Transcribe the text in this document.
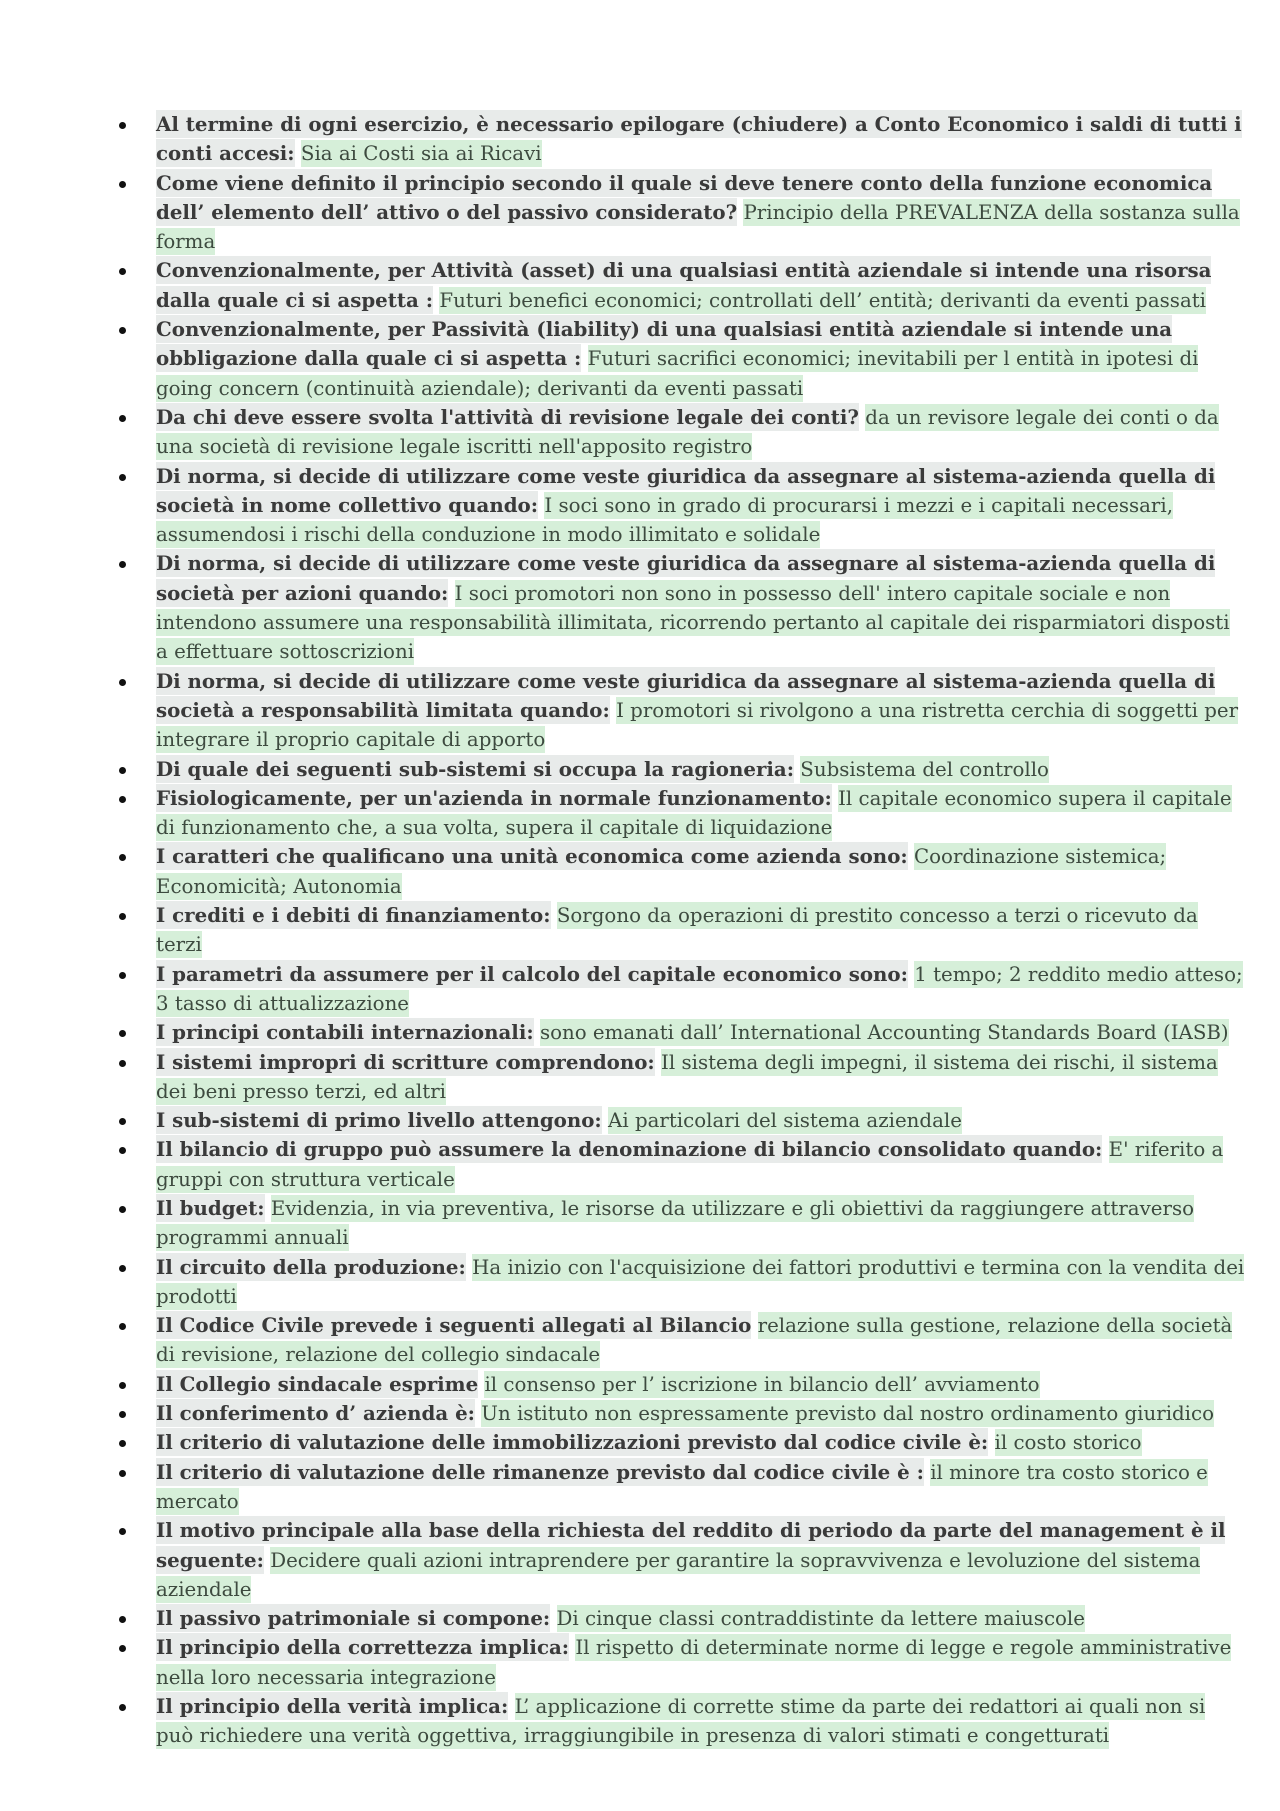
Al termine di ogni esercizio, è necessario epilogare (chiudere) a Conto Economico i saldi di tutti i conti accesi: Sia ai Costi sia ai Ricavi
Come viene definito il principio secondo il quale si deve tenere conto della funzione economica dell’ elemento dell’ attivo o del passivo considerato? Principio della PREVALENZA della sostanza sulla forma
Convenzionalmente, per Attività (asset) di una qualsiasi entità aziendale si intende una risorsa dalla quale ci si aspetta : Futuri benefici economici; controllati dell’ entità; derivanti da eventi passati
Convenzionalmente, per Passività (liability) di una qualsiasi entità aziendale si intende una obbligazione dalla quale ci si aspetta : Futuri sacrifici economici; inevitabili per l entità in ipotesi di going concern (continuità aziendale); derivanti da eventi passati
Da chi deve essere svolta l'attività di revisione legale dei conti? da un revisore legale dei conti o da una società di revisione legale iscritti nell'apposito registro
Di norma, si decide di utilizzare come veste giuridica da assegnare al sistema-azienda quella di società in nome collettivo quando: I soci sono in grado di procurarsi i mezzi e i capitali necessari, assumendosi i rischi della conduzione in modo illimitato e solidale
Di norma, si decide di utilizzare come veste giuridica da assegnare al sistema-azienda quella di società per azioni quando: I soci promotori non sono in possesso dell' intero capitale sociale e non intendono assumere una responsabilità illimitata, ricorrendo pertanto al capitale dei risparmiatori disposti a effettuare sottoscrizioni
Di norma, si decide di utilizzare come veste giuridica da assegnare al sistema-azienda quella di società a responsabilità limitata quando: I promotori si rivolgono a una ristretta cerchia di soggetti per integrare il proprio capitale di apporto
Di quale dei seguenti sub-sistemi si occupa la ragioneria: Subsistema del controllo
Fisiologicamente, per un'azienda in normale funzionamento: Il capitale economico supera il capitale di funzionamento che, a sua volta, supera il capitale di liquidazione
I caratteri che qualificano una unità economica come azienda sono: Coordinazione sistemica; Economicità; Autonomia
I crediti e i debiti di finanziamento: Sorgono da operazioni di prestito concesso a terzi o ricevuto da terzi
I parametri da assumere per il calcolo del capitale economico sono: 1 tempo; 2 reddito medio atteso; 3 tasso di attualizzazione
I principi contabili internazionali: sono emanati dall’ International Accounting Standards Board (IASB)
I sistemi impropri di scritture comprendono: Il sistema degli impegni, il sistema dei rischi, il sistema dei beni presso terzi, ed altri
I sub-sistemi di primo livello attengono: Ai particolari del sistema aziendale
Il bilancio di gruppo può assumere la denominazione di bilancio consolidato quando: E' riferito a gruppi con struttura verticale
Il budget: Evidenzia, in via preventiva, le risorse da utilizzare e gli obiettivi da raggiungere attraverso programmi annuali
Il circuito della produzione: Ha inizio con l'acquisizione dei fattori produttivi e termina con la vendita dei prodotti
Il Codice Civile prevede i seguenti allegati al Bilancio relazione sulla gestione, relazione della società di revisione, relazione del collegio sindacale
Il Collegio sindacale esprime il consenso per l’ iscrizione in bilancio dell’ avviamento
Il conferimento d’ azienda è: Un istituto non espressamente previsto dal nostro ordinamento giuridico
Il criterio di valutazione delle immobilizzazioni previsto dal codice civile è: il costo storico
Il criterio di valutazione delle rimanenze previsto dal codice civile è : il minore tra costo storico e mercato
Il motivo principale alla base della richiesta del reddito di periodo da parte del management è il seguente: Decidere quali azioni intraprendere per garantire la sopravvivenza e levoluzione del sistema aziendale
Il passivo patrimoniale si compone: Di cinque classi contraddistinte da lettere maiuscole
Il principio della correttezza implica: Il rispetto di determinate norme di legge e regole amministrative nella loro necessaria integrazione
Il principio della verità implica: L’ applicazione di corrette stime da parte dei redattori ai quali non si può richiedere una verità oggettiva, irraggiungibile in presenza di valori stimati e congetturati
